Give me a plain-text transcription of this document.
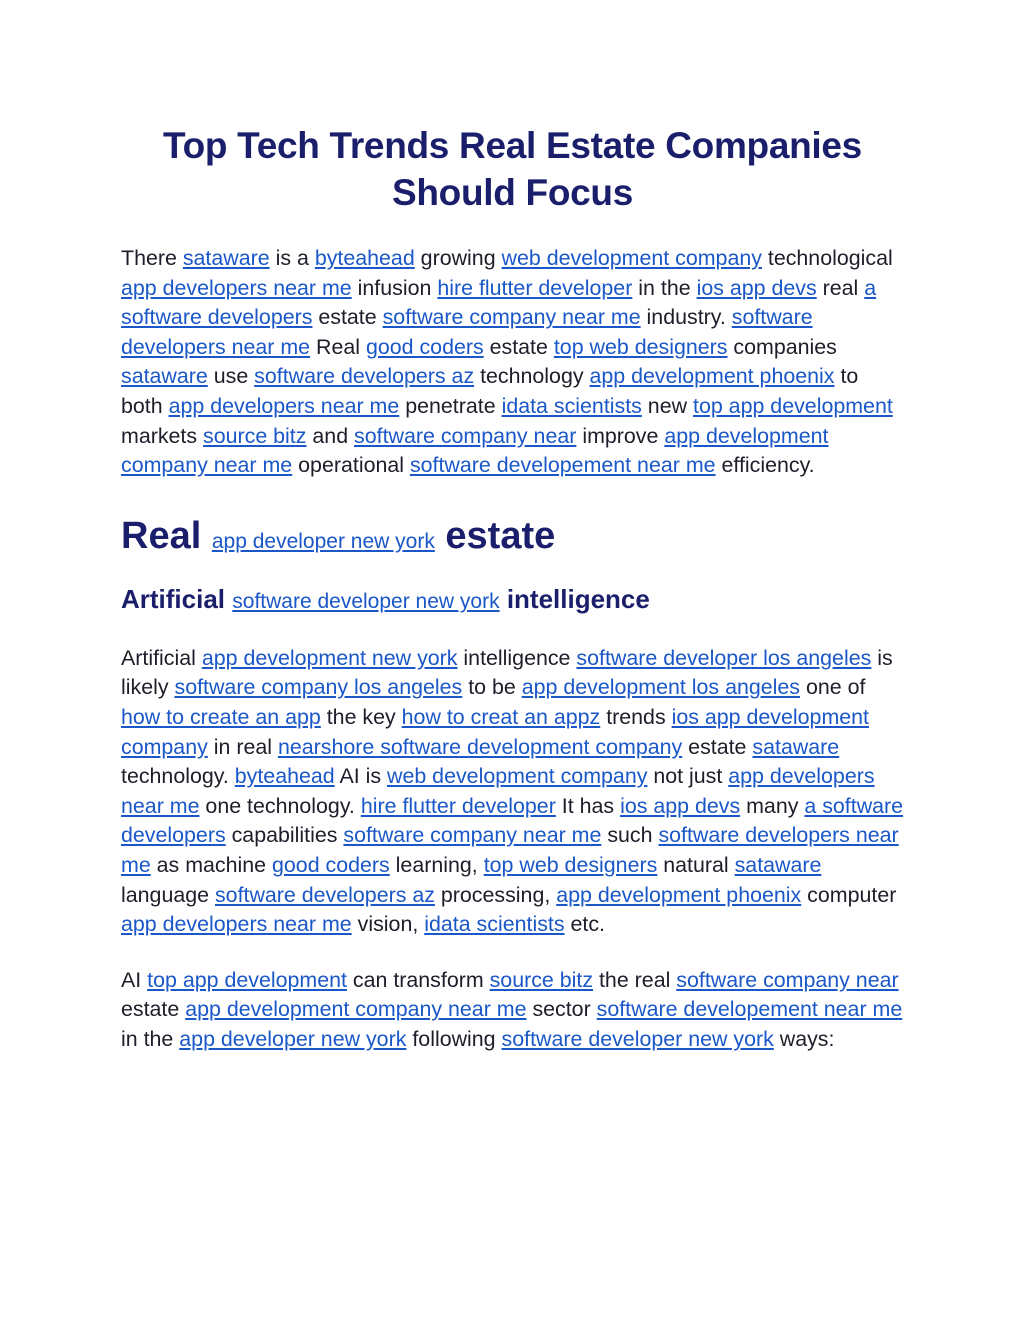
Top Tech Trends Real Estate Companies Should Focus

There sataware is a byteahead growing web development company technological app developers near me infusion hire flutter developer in the ios app devs real a software developers estate software company near me industry. software developers near me Real good coders estate top web designers companies sataware use software developers az technology app development phoenix to both app developers near me penetrate idata scientists new top app development markets source bitz and software company near improve app development company near me operational software developement near me efficiency.

Real app developer new york estate
Artificial software developer new york intelligence

Artificial app development new york intelligence software developer los angeles is likely software company los angeles to be app development los angeles one of how to create an app the key how to creat an appz trends ios app development company in real nearshore software development company estate sataware technology. byteahead AI is web development company not just app developers near me one technology. hire flutter developer It has ios app devs many a software developers capabilities software company near me such software developers near me as machine good coders learning, top web designers natural sataware language software developers az processing, app development phoenix computer app developers near me vision, idata scientists etc.

AI top app development can transform source bitz the real software company near estate app development company near me sector software developement near me in the app developer new york following software developer new york ways:
